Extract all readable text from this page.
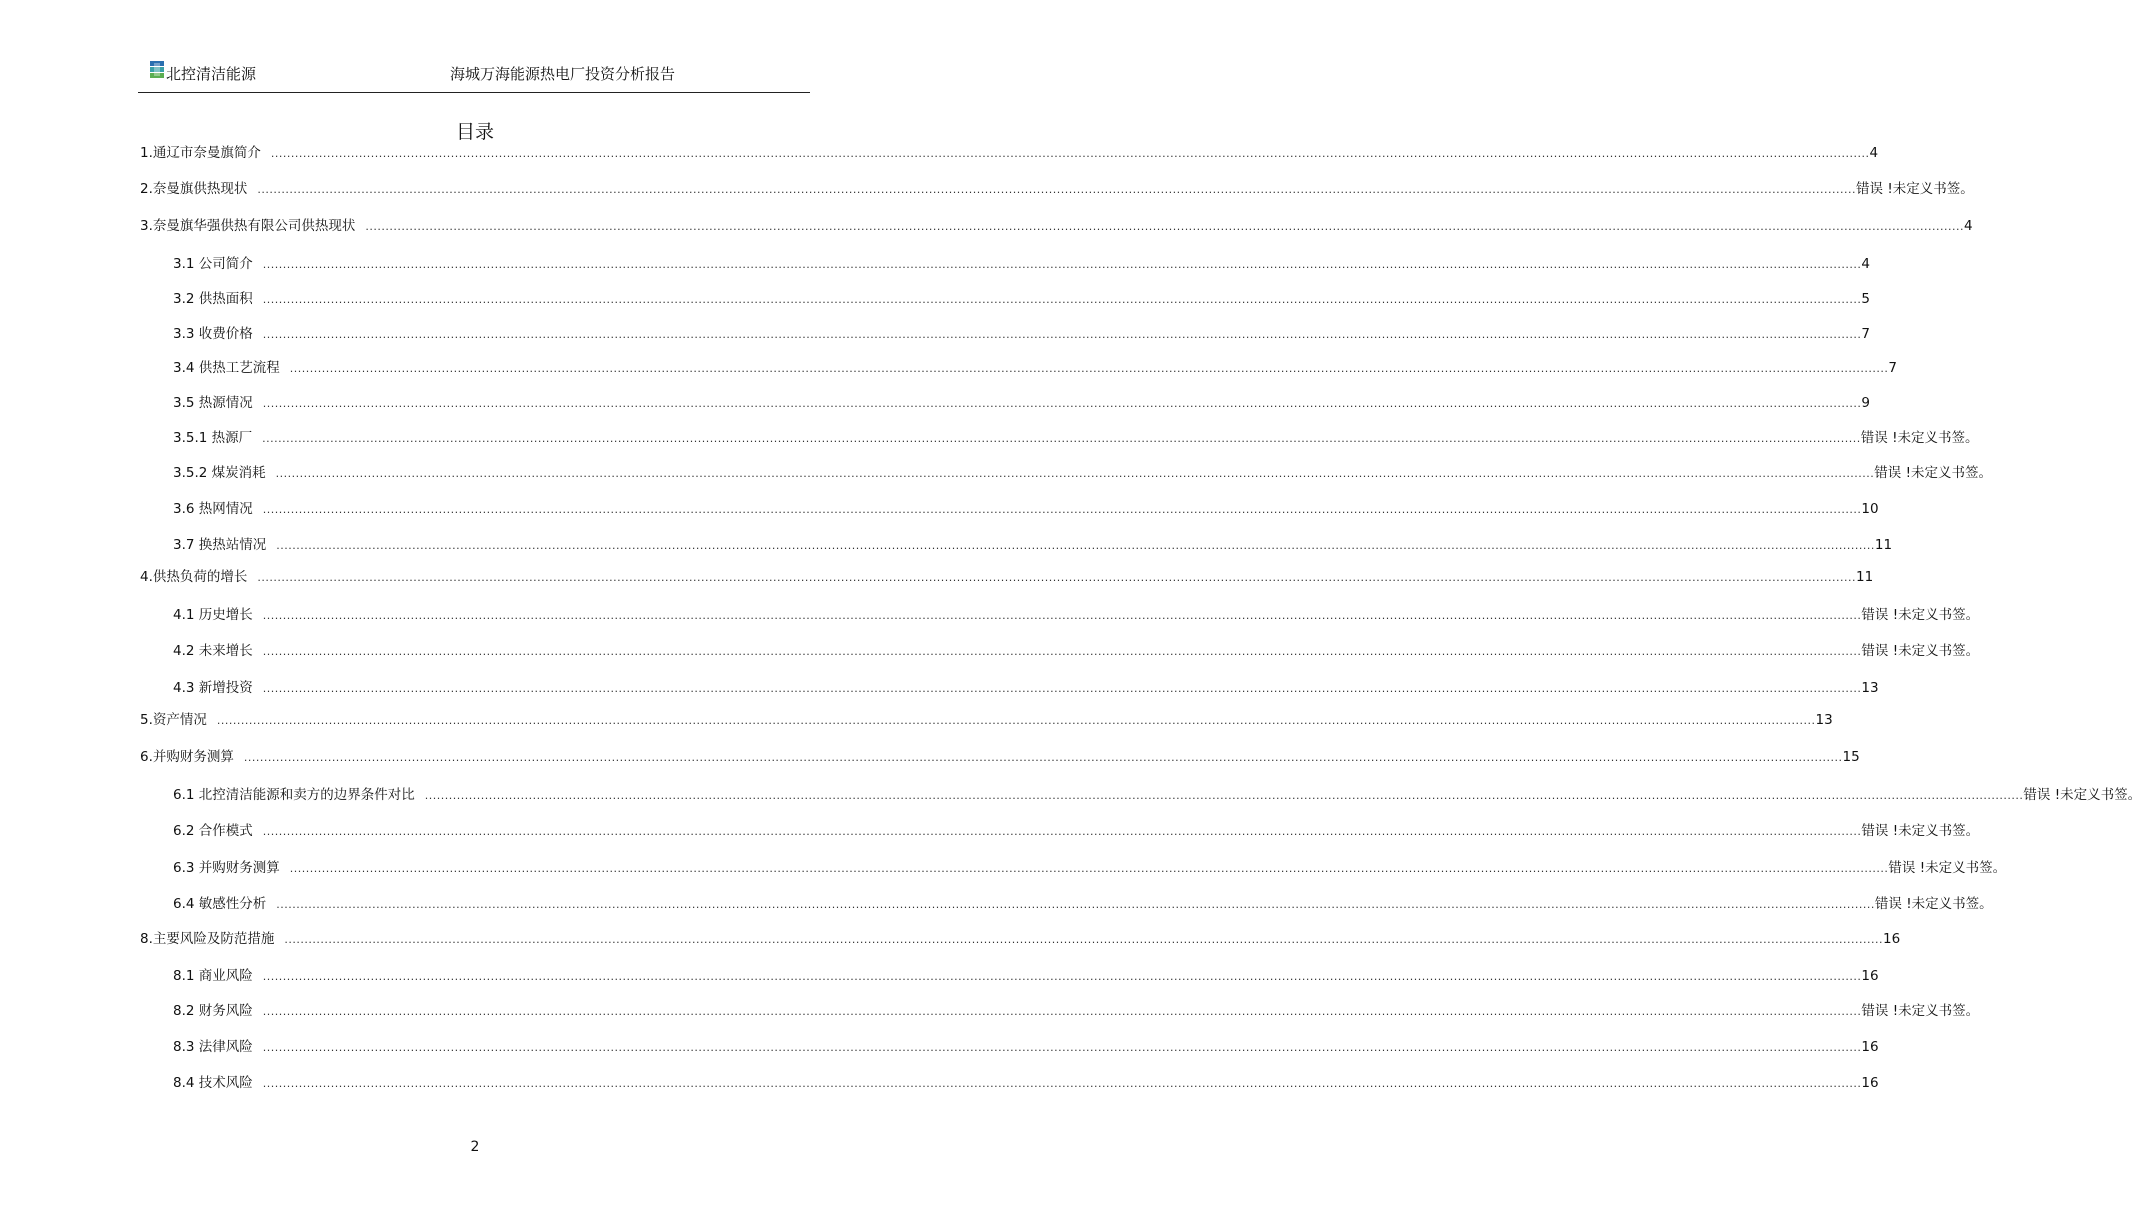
北控清洁能源	海城万海能源热电厂投资分析报告
目录
1. 通辽市奈曼旗简介 ................................................................................................................................................................................................................................................................................................................................................................................................................ 4
2. 奈曼旗供热现状 ................................................................................................................................................................................................................................................................................................................................................................................................................ 错误 !未定义书签。
3. 奈曼旗华强供热有限公司供热现状 ................................................................................................................................................................................................................................................................................................................................................................................................................ 4
3.1 公司简介 ................................................................................................................................................................................................................................................................................................................................................................................................................ 4
3.2 供热面积 ................................................................................................................................................................................................................................................................................................................................................................................................................ 5
3.3 收费价格 ................................................................................................................................................................................................................................................................................................................................................................................................................ 7
3.4 供热工艺流程 ................................................................................................................................................................................................................................................................................................................................................................................................................ 7
3.5 热源情况 ................................................................................................................................................................................................................................................................................................................................................................................................................ 9
3.5.1 热源厂 ................................................................................................................................................................................................................................................................................................................................................................................................................ 错误 !未定义书签。
3.5.2 煤炭消耗 ................................................................................................................................................................................................................................................................................................................................................................................................................ 错误 !未定义书签。
3.6 热网情况 ................................................................................................................................................................................................................................................................................................................................................................................................................ 10
3.7 换热站情况 ................................................................................................................................................................................................................................................................................................................................................................................................................ 11
4. 供热负荷的增长 ................................................................................................................................................................................................................................................................................................................................................................................................................ 11
4.1 历史增长 ................................................................................................................................................................................................................................................................................................................................................................................................................ 错误 !未定义书签。
4.2 未来增长 ................................................................................................................................................................................................................................................................................................................................................................................................................ 错误 !未定义书签。
4.3 新增投资 ................................................................................................................................................................................................................................................................................................................................................................................................................ 13
5. 资产情况 ................................................................................................................................................................................................................................................................................................................................................................................................................ 13
6. 并购财务测算 ................................................................................................................................................................................................................................................................................................................................................................................................................ 15
6.1 北控清洁能源和卖方的边界条件对比 ................................................................................................................................................................................................................................................................................................................................................................................................................ 错误 !未定义书签。
6.2 合作模式 ................................................................................................................................................................................................................................................................................................................................................................................................................ 错误 !未定义书签。
6.3 并购财务测算 ................................................................................................................................................................................................................................................................................................................................................................................................................ 错误 !未定义书签。
6.4 敏感性分析 ................................................................................................................................................................................................................................................................................................................................................................................................................ 错误 !未定义书签。
8. 主要风险及防范措施 ................................................................................................................................................................................................................................................................................................................................................................................................................ 16
8.1 商业风险 ................................................................................................................................................................................................................................................................................................................................................................................................................ 16
8.2 财务风险 ................................................................................................................................................................................................................................................................................................................................................................................................................ 错误 !未定义书签。
8.3 法律风险 ................................................................................................................................................................................................................................................................................................................................................................................................................ 16
8.4 技术风险 ................................................................................................................................................................................................................................................................................................................................................................................................................ 16
2
